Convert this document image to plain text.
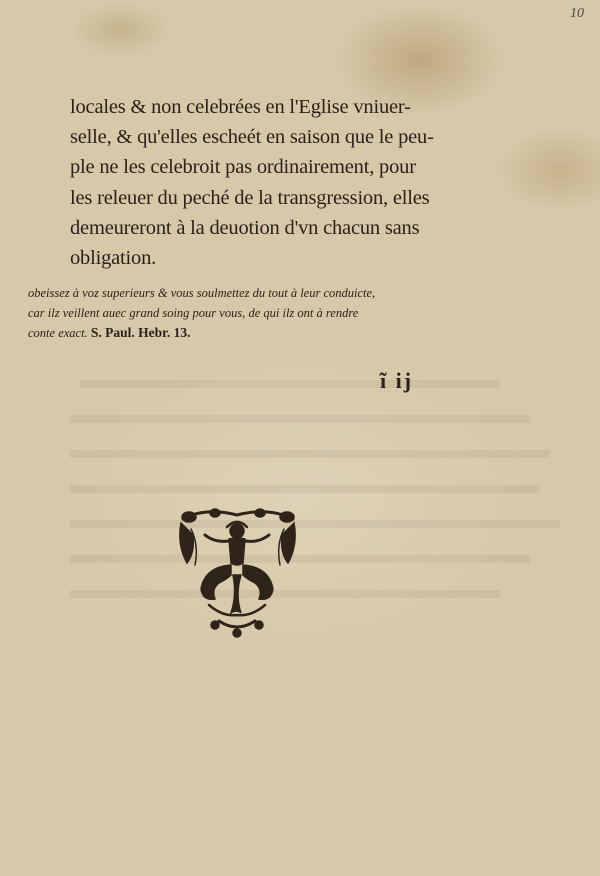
10

locales & non celebrées en l'Eglise vniuer-
selle, & qu'elles escheét en saison que le peu-
ple ne les celebroit pas ordinairement, pour
les releuer du peché de la transgression, elles
demeureront à la deuotion d'vn chacun sans
obligation.

obeissez à voz superieurs & vous soulmettez du tout à leur conduicte,
car ilz veillent auec grand soing pour vous, de qui ilz ont à rendre
conte exact. S. Paul. Hebr. 13.

ĩ ij
